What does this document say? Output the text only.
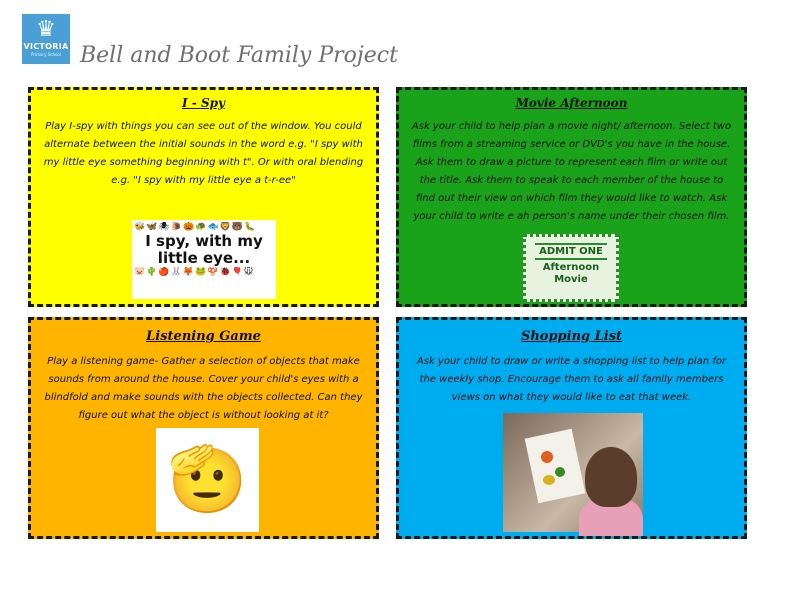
♛
VICTORIA
Primary School Bell and Boot Family Project
I - Spy

Play I-spy with things you can see out of the window. You could alternate between the initial sounds in the word e.g. "I spy with my little eye something beginning with t". Or with oral blending e.g. "I spy with my little eye a t-r-ee"

🐝🦋🕷🐌🎃🐢🐟🦁🐻🐛
I spy, with my
little eye...
🐷🌵🍎🐰🦊🐸🍄🐞🎈🐭
Movie Afternoon

Ask your child to help plan a movie night/ afternoon. Select two films from a streaming service or DVD's you have in the house. Ask them to draw a picture to represent each film or write out the title. Ask them to speak to each member of the house to find out their view on which film they would like to watch. Ask your child to write e ah person's name under their chosen film.

ADMIT ONE
Afternoon
Movie
Listening Game

Play a listening game- Gather a selection of objects that make sounds from around the house. Cover your child's eyes with a blindfold and make sounds with the objects collected. Can they figure out what the object is without looking at it?

🫡
Shopping List

Ask your child to draw or write a shopping list to help plan for the weekly shop. Encourage them to ask all family members views on what they would like to eat that week.
